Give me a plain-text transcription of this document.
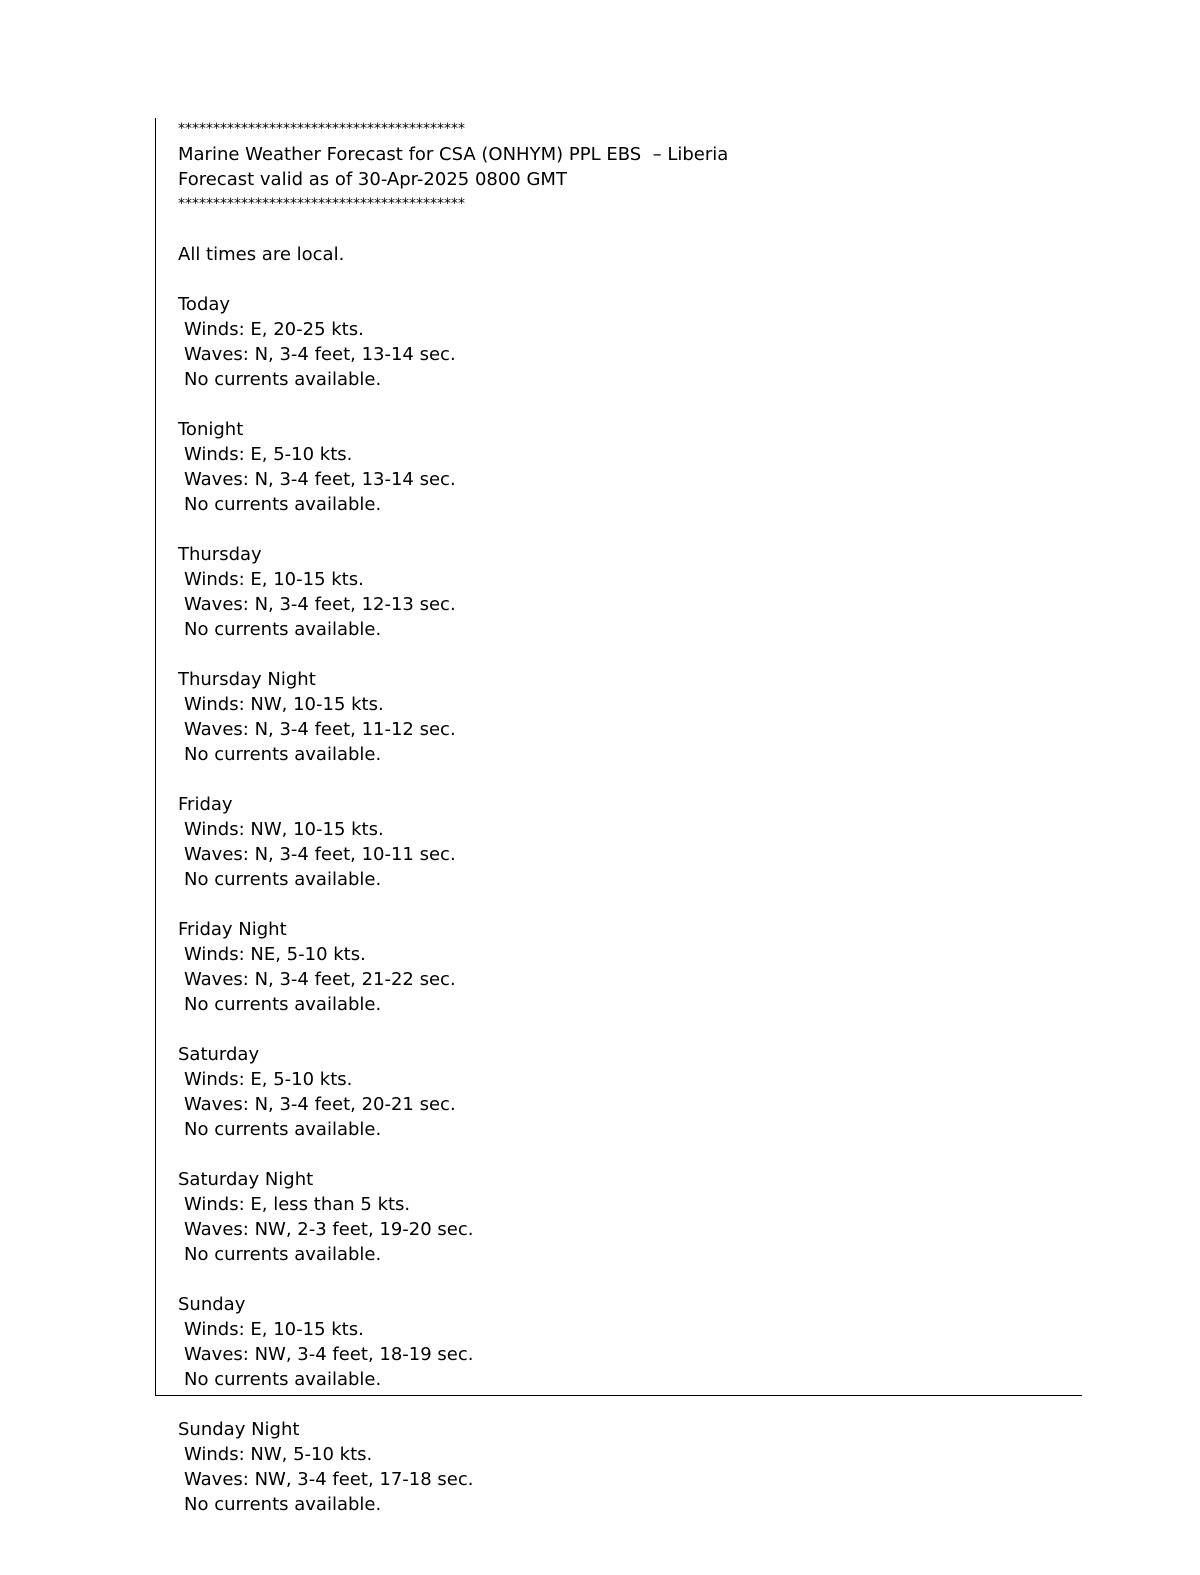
*****************************************
Marine Weather Forecast for CSA (ONHYM) PPL EBS  – Liberia
Forecast valid as of 30-Apr-2025 0800 GMT
*****************************************
All times are local.
Today
Winds: E, 20-25 kts.
Waves: N, 3-4 feet, 13-14 sec.
No currents available.
Tonight
Winds: E, 5-10 kts.
Waves: N, 3-4 feet, 13-14 sec.
No currents available.
Thursday
Winds: E, 10-15 kts.
Waves: N, 3-4 feet, 12-13 sec.
No currents available.
Thursday Night
Winds: NW, 10-15 kts.
Waves: N, 3-4 feet, 11-12 sec.
No currents available.
Friday
Winds: NW, 10-15 kts.
Waves: N, 3-4 feet, 10-11 sec.
No currents available.
Friday Night
Winds: NE, 5-10 kts.
Waves: N, 3-4 feet, 21-22 sec.
No currents available.
Saturday
Winds: E, 5-10 kts.
Waves: N, 3-4 feet, 20-21 sec.
No currents available.
Saturday Night
Winds: E, less than 5 kts.
Waves: NW, 2-3 feet, 19-20 sec.
No currents available.
Sunday
Winds: E, 10-15 kts.
Waves: NW, 3-4 feet, 18-19 sec.
No currents available.
Sunday Night
Winds: NW, 5-10 kts.
Waves: NW, 3-4 feet, 17-18 sec.
No currents available.
